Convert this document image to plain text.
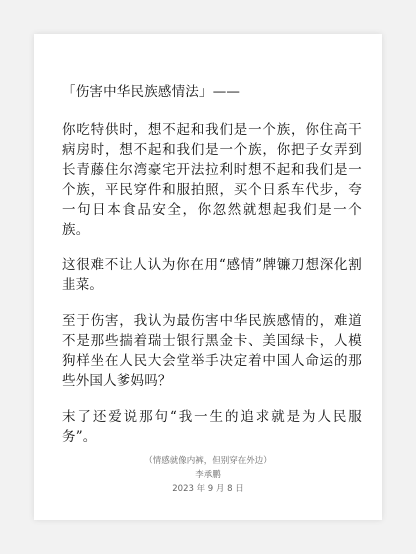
「伤害中华民族感情法」——

你吃特供时，想不起和我们是一个族，你住高干病房时，想不起和我们是一个族，你把子女弄到长青藤住尔湾豪宅开法拉利时想不起和我们是一个族，平民穿件和服拍照，买个日系车代步，夸一句日本食品安全，你忽然就想起我们是一个族。

这很难不让人认为你在用“感情”牌镰刀想深化割韭菜。

至于伤害，我认为最伤害中华民族感情的，难道不是那些揣着瑞士银行黑金卡、美国绿卡，人模狗样坐在人民大会堂举手决定着中国人命运的那些外国人爹妈吗？

末了还爱说那句“我一生的追求就是为人民服务”。

（情感就像内裤，但别穿在外边）
李承鹏
2023 年 9 月 8 日
